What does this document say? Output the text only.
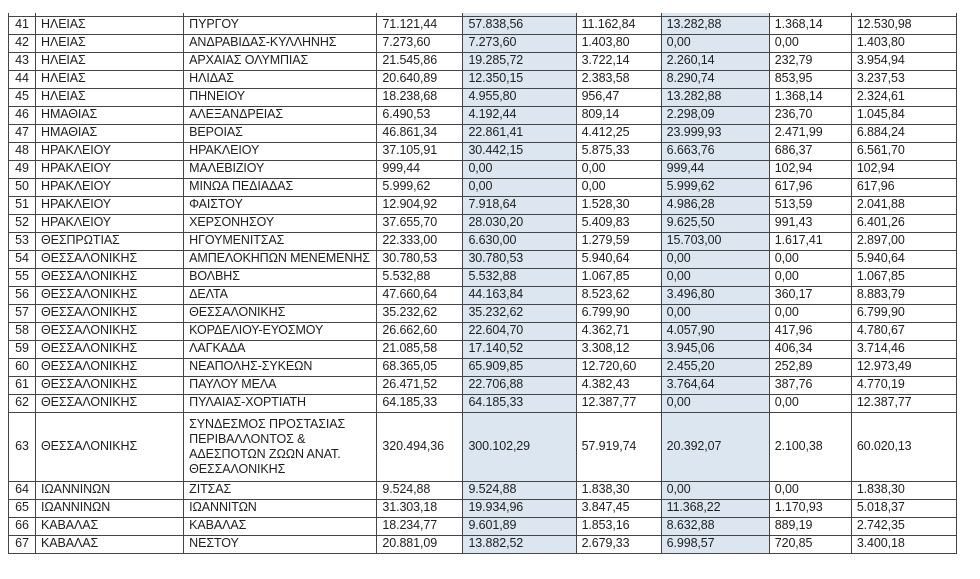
41	ΗΛΕΙΑΣ	ΠΥΡΓΟΥ	71.121,44	57.838,56	11.162,84	13.282,88	1.368,14	12.530,98
42	ΗΛΕΙΑΣ	ΑΝΔΡΑΒΙΔΑΣ-ΚΥΛΛΗΝΗΣ	7.273,60	7.273,60	1.403,80	0,00	0,00	1.403,80
43	ΗΛΕΙΑΣ	ΑΡΧΑΙΑΣ ΟΛΥΜΠΙΑΣ	21.545,86	19.285,72	3.722,14	2.260,14	232,79	3.954,94
44	ΗΛΕΙΑΣ	ΗΛΙΔΑΣ	20.640,89	12.350,15	2.383,58	8.290,74	853,95	3.237,53
45	ΗΛΕΙΑΣ	ΠΗΝΕΙΟΥ	18.238,68	4.955,80	956,47	13.282,88	1.368,14	2.324,61
46	ΗΜΑΘΙΑΣ	ΑΛΕΞΑΝΔΡΕΙΑΣ	6.490,53	4.192,44	809,14	2.298,09	236,70	1.045,84
47	ΗΜΑΘΙΑΣ	ΒΕΡΟΙΑΣ	46.861,34	22.861,41	4.412,25	23.999,93	2.471,99	6.884,24
48	ΗΡΑΚΛΕΙΟΥ	ΗΡΑΚΛΕΙΟΥ	37.105,91	30.442,15	5.875,33	6.663,76	686,37	6.561,70
49	ΗΡΑΚΛΕΙΟΥ	ΜΑΛΕΒΙΖΙΟΥ	999,44	0,00	0,00	999,44	102,94	102,94
50	ΗΡΑΚΛΕΙΟΥ	ΜΙΝΩΑ ΠΕΔΙΑΔΑΣ	5.999,62	0,00	0,00	5.999,62	617,96	617,96
51	ΗΡΑΚΛΕΙΟΥ	ΦΑΙΣΤΟΥ	12.904,92	7.918,64	1.528,30	4.986,28	513,59	2.041,88
52	ΗΡΑΚΛΕΙΟΥ	ΧΕΡΣΟΝΗΣΟΥ	37.655,70	28.030,20	5.409,83	9.625,50	991,43	6.401,26
53	ΘΕΣΠΡΩΤΙΑΣ	ΗΓΟΥΜΕΝΙΤΣΑΣ	22.333,00	6.630,00	1.279,59	15.703,00	1.617,41	2.897,00
54	ΘΕΣΣΑΛΟΝΙΚΗΣ	ΑΜΠΕΛΟΚΗΠΩΝ ΜΕΝΕΜΕΝΗΣ	30.780,53	30.780,53	5.940,64	0,00	0,00	5.940,64
55	ΘΕΣΣΑΛΟΝΙΚΗΣ	ΒΟΛΒΗΣ	5.532,88	5.532,88	1.067,85	0,00	0,00	1.067,85
56	ΘΕΣΣΑΛΟΝΙΚΗΣ	ΔΕΛΤΑ	47.660,64	44.163,84	8.523,62	3.496,80	360,17	8.883,79
57	ΘΕΣΣΑΛΟΝΙΚΗΣ	ΘΕΣΣΑΛΟΝΙΚΗΣ	35.232,62	35.232,62	6.799,90	0,00	0,00	6.799,90
58	ΘΕΣΣΑΛΟΝΙΚΗΣ	ΚΟΡΔΕΛΙΟΥ-ΕΥΟΣΜΟΥ	26.662,60	22.604,70	4.362,71	4.057,90	417,96	4.780,67
59	ΘΕΣΣΑΛΟΝΙΚΗΣ	ΛΑΓΚΑΔΑ	21.085,58	17.140,52	3.308,12	3.945,06	406,34	3.714,46
60	ΘΕΣΣΑΛΟΝΙΚΗΣ	ΝΕΑΠΟΛΗΣ-ΣΥΚΕΩΝ	68.365,05	65.909,85	12.720,60	2.455,20	252,89	12.973,49
61	ΘΕΣΣΑΛΟΝΙΚΗΣ	ΠΑΥΛΟΥ ΜΕΛΑ	26.471,52	22.706,88	4.382,43	3.764,64	387,76	4.770,19
62	ΘΕΣΣΑΛΟΝΙΚΗΣ	ΠΥΛΑΙΑΣ-ΧΟΡΤΙΑΤΗ	64.185,33	64.185,33	12.387,77	0,00	0,00	12.387,77
63	ΘΕΣΣΑΛΟΝΙΚΗΣ	ΣΥΝΔΕΣΜΟΣ ΠΡΟΣΤΑΣΙΑΣ ΠΕΡΙΒΑΛΛΟΝΤΟΣ & ΑΔΕΣΠΟΤΩΝ ΖΩΩΝ ΑΝΑΤ. ΘΕΣΣΑΛΟΝΙΚΗΣ	320.494,36	300.102,29	57.919,74	20.392,07	2.100,38	60.020,13
64	ΙΩΑΝΝΙΝΩΝ	ΖΙΤΣΑΣ	9.524,88	9.524,88	1.838,30	0,00	0,00	1.838,30
65	ΙΩΑΝΝΙΝΩΝ	ΙΩΑΝΝΙΤΩΝ	31.303,18	19.934,96	3.847,45	11.368,22	1.170,93	5.018,37
66	ΚΑΒΑΛΑΣ	ΚΑΒΑΛΑΣ	18.234,77	9.601,89	1.853,16	8.632,88	889,19	2.742,35
67	ΚΑΒΑΛΑΣ	ΝΕΣΤΟΥ	20.881,09	13.882,52	2.679,33	6.998,57	720,85	3.400,18
